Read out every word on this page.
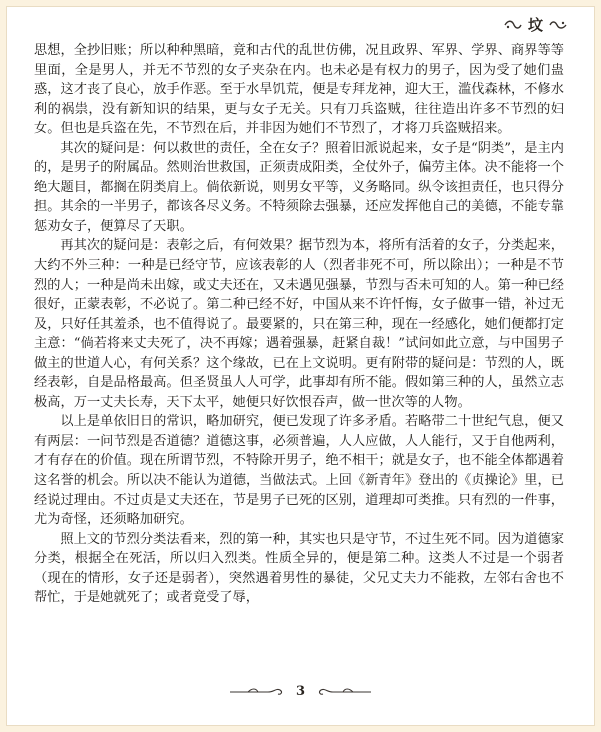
坟

思想，全抄旧账；所以种种黑暗，竟和古代的乱世仿佛，况且政界、军界、学界、商界等等里面，全是男人，并无不节烈的女子夹杂在内。也未必是有权力的男子，因为受了她们蛊惑，这才丧了良心，放手作恶。至于水旱饥荒，便是专拜龙神，迎大王，滥伐森林，不修水利的祸祟，没有新知识的结果，更与女子无关。只有刀兵盗贼，往往造出许多不节烈的妇女。但也是兵盗在先，不节烈在后，并非因为她们不节烈了，才将刀兵盗贼招来。

其次的疑问是：何以救世的责任，全在女子？照着旧派说起来，女子是“阴类”，是主内的，是男子的附属品。然则治世救国，正须责成阳类，全仗外子，偏劳主体。决不能将一个绝大题目，都搁在阴类肩上。倘依新说，则男女平等，义务略同。纵令该担责任，也只得分担。其余的一半男子，都该各尽义务。不特须除去强暴，还应发挥他自己的美德，不能专靠惩劝女子，便算尽了天职。

再其次的疑问是：表彰之后，有何效果？据节烈为本，将所有活着的女子，分类起来，大约不外三种：一种是已经守节，应该表彰的人（烈者非死不可，所以除出）；一种是不节烈的人；一种是尚未出嫁，或丈夫还在，又未遇见强暴，节烈与否未可知的人。第一种已经很好，正蒙表彰，不必说了。第二种已经不好，中国从来不许忏悔，女子做事一错，补过无及，只好任其羞杀，也不值得说了。最要紧的，只在第三种，现在一经感化，她们便都打定主意：“倘若将来丈夫死了，决不再嫁；遇着强暴，赶紧自裁！”试问如此立意，与中国男子做主的世道人心，有何关系？这个缘故，已在上文说明。更有附带的疑问是：节烈的人，既经表彰，自是品格最高。但圣贤虽人人可学，此事却有所不能。假如第三种的人，虽然立志极高，万一丈夫长寿，天下太平，她便只好饮恨吞声，做一世次等的人物。

以上是单依旧日的常识，略加研究，便已发现了许多矛盾。若略带二十世纪气息，便又有两层：一问节烈是否道德？道德这事，必须普遍，人人应做，人人能行，又于自他两利，才有存在的价值。现在所谓节烈，不特除开男子，绝不相干；就是女子，也不能全体都遇着这名誉的机会。所以决不能认为道德，当做法式。上回《新青年》登出的《贞操论》里，已经说过理由。不过贞是丈夫还在，节是男子已死的区别，道理却可类推。只有烈的一件事，尤为奇怪，还须略加研究。

照上文的节烈分类法看来，烈的第一种，其实也只是守节，不过生死不同。因为道德家分类，根据全在死活，所以归入烈类。性质全异的，便是第二种。这类人不过是一个弱者（现在的情形，女子还是弱者），突然遇着男性的暴徒，父兄丈夫力不能救，左邻右舍也不帮忙，于是她就死了；或者竟受了辱，

3
